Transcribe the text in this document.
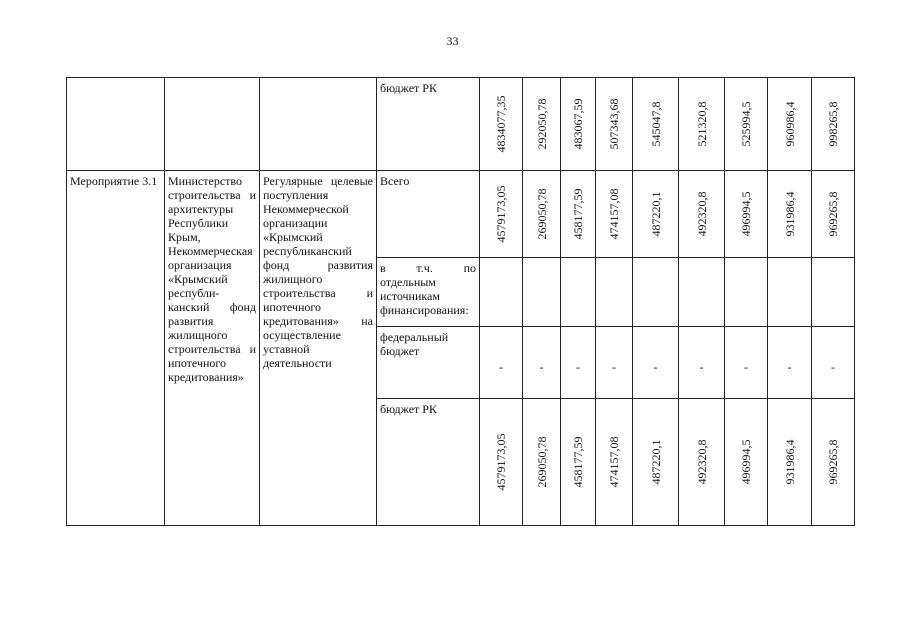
33

			бюджет РК	4834077,35	292050,78	483067,59	507343,68	545047,8	521320,8	525994,5	960986,4	998265,8

Мероприятие 3.1	Министерство строительства и архитектуры Республики Крым, Некоммерческая организация «Крымский республи-канский фонд развития жилищного строительства и ипотечного кредитования»	Регулярные целевые поступления Некоммерческой организации «Крымский республиканский фонд развития жилищного строительства и ипотечного кредитования» на осуществление уставной деятельности	Всего	4579173,05	269050,78	458177,59	474157,08	487220,1	492320,8	496994,5	931986,4	969265,8

			в т.ч. по отдельным источникам финансирования:									

			федеральный бюджет	-	-	-	-	-	-	-	-	-

			бюджет РК	4579173,05	269050,78	458177,59	474157,08	487220,1	492320,8	496994,5	931986,4	969265,8
